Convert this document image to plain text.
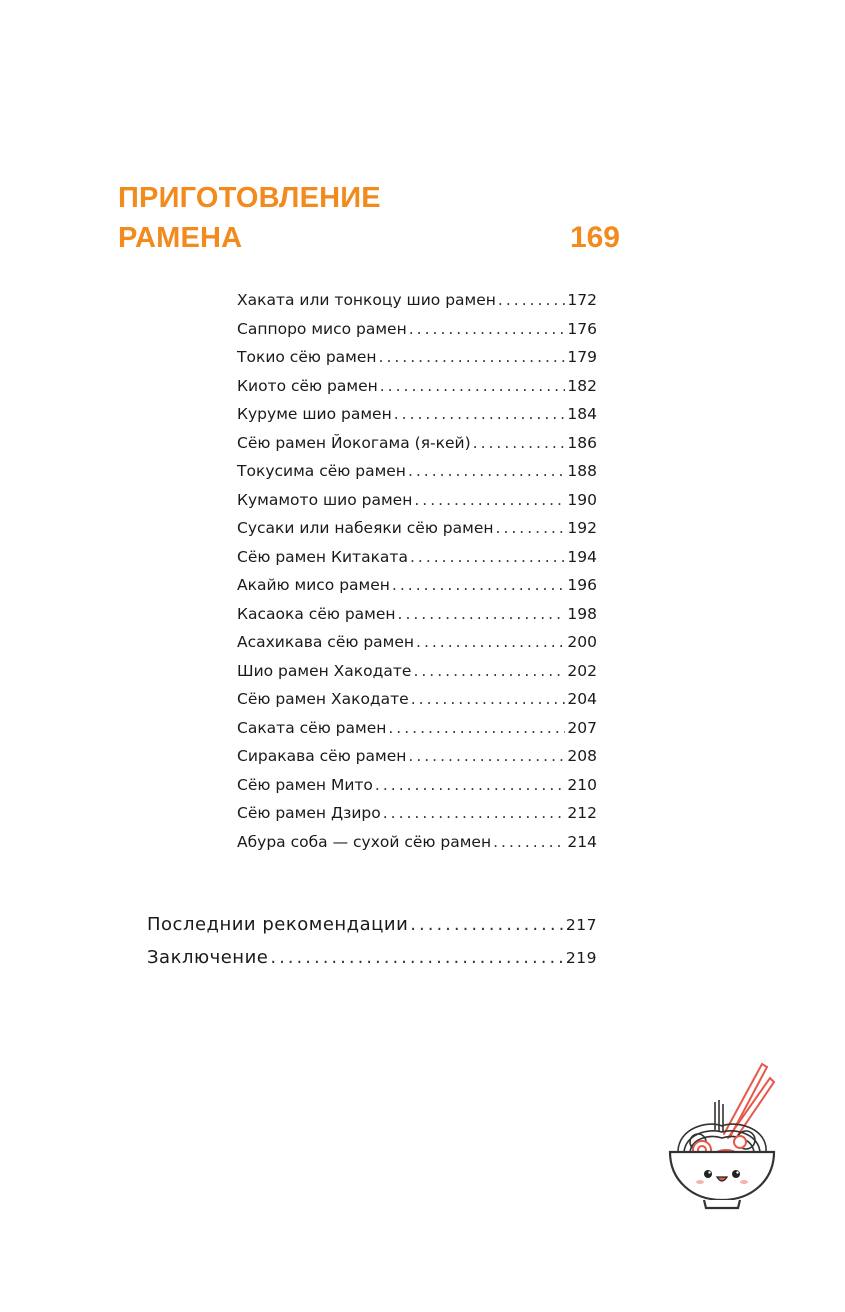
ПРИГОТОВЛЕНИЕ
РАМЕНА	169
Хаката или тонкоцу шио рамен .....	172
Саппоро мисо рамен .....	176
Токио сёю рамен .....	179
Киото сёю рамен .....	182
Куруме шио рамен .....	184
Сёю рамен Йокогама (я-кей) .....	186
Токусима сёю рамен .....	188
Кумамото шио рамен .....	190
Сусаки или набеяки сёю рамен .....	192
Сёю рамен Китаката .....	194
Акайю мисо рамен .....	196
Касаока сёю рамен .....	198
Асахикава сёю рамен .....	200
Шио рамен Хакодате .....	202
Сёю рамен Хакодате .....	204
Саката сёю рамен .....	207
Сиракава сёю рамен .....	208
Сёю рамен Мито .....	210
Сёю рамен Дзиро .....	212
Абура соба — сухой сёю рамен .....	214
Последнии рекомендации .....	217
Заключение .....	219
